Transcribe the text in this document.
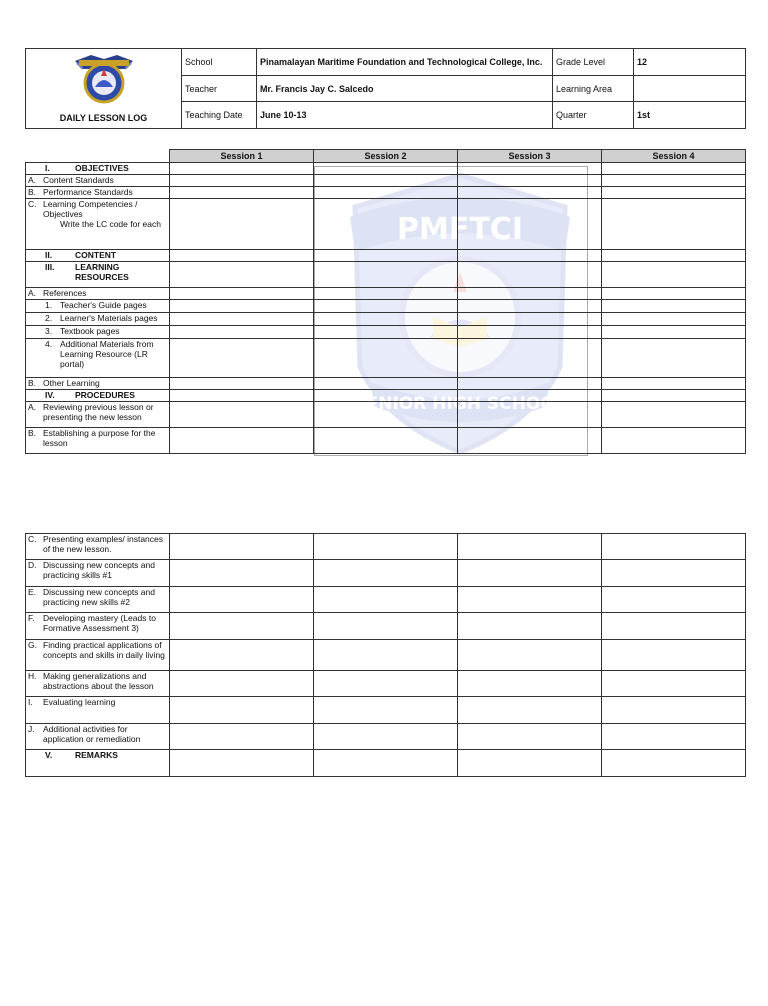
DAILY LESSON LOG	School	Pinamalayan Maritime Foundation and Technological College, Inc.	Grade Level	12
	Teacher	Mr. Francis Jay C. Salcedo	Learning Area	
	Teaching Date	June 10-13	Quarter	1st
PMFTCI
SENIOR HIGH SCHOOL
	Session 1	Session 2	Session 3	Session 4

I. OBJECTIVES				

A. Content Standards				

B. Performance Standards				

C. Learning Competencies / Objectives
Write the LC code for each				

II. CONTENT				

III. LEARNING RESOURCES				

A. References				

1. Teacher's Guide pages				

2. Learner's Materials pages				

3. Textbook pages				

4. Additional Materials from Learning Resource (LR portal)				

B. Other Learning				

IV. PROCEDURES				

A. Reviewing previous lesson or presenting the new lesson				

B. Establishing a purpose for the lesson				

C. Presenting examples/ instances of the new lesson.				

D. Discussing new concepts and practicing skills #1				

E. Discussing new concepts and practicing new skills #2				

F. Developing mastery (Leads to Formative Assessment 3)				

G. Finding practical applications of concepts and skills in daily living				

H. Making generalizations and abstractions about the lesson				

I. Evaluating learning				

J. Additional activities for application or remediation				

V. REMARKS				
